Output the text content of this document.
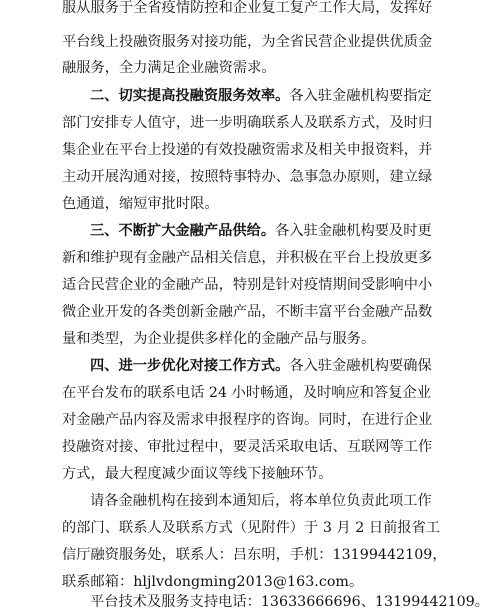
服从服务于全省疫情防控和企业复工复产工作大局，发挥好
平台线上投融资服务对接功能，为全省民营企业提供优质金
融服务，全力满足企业融资需求。
二、切实提高投融资服务效率。各入驻金融机构要指定
部门安排专人值守，进一步明确联系人及联系方式，及时归
集企业在平台上投递的有效投融资需求及相关申报资料，并
主动开展沟通对接，按照特事特办、急事急办原则，建立绿
色通道，缩短审批时限。
三、不断扩大金融产品供给。各入驻金融机构要及时更
新和维护现有金融产品相关信息，并积极在平台上投放更多
适合民营企业的金融产品，特别是针对疫情期间受影响中小
微企业开发的各类创新金融产品，不断丰富平台金融产品数
量和类型，为企业提供多样化的金融产品与服务。
四、进一步优化对接工作方式。各入驻金融机构要确保
在平台发布的联系电话 24 小时畅通，及时响应和答复企业
对金融产品内容及需求申报程序的咨询。同时，在进行企业
投融资对接、审批过程中，要灵活采取电话、互联网等工作
方式，最大程度减少面议等线下接触环节。
请各金融机构在接到本通知后，将本单位负责此项工作
的部门、联系人及联系方式（见附件）于 3 月 2 日前报省工
信厅融资服务处，联系人：吕东明，手机：13199442109，
联系邮箱：hljlvdongming2013@163.com。
平台技术及服务支持电话：13633666696、13199442109。
